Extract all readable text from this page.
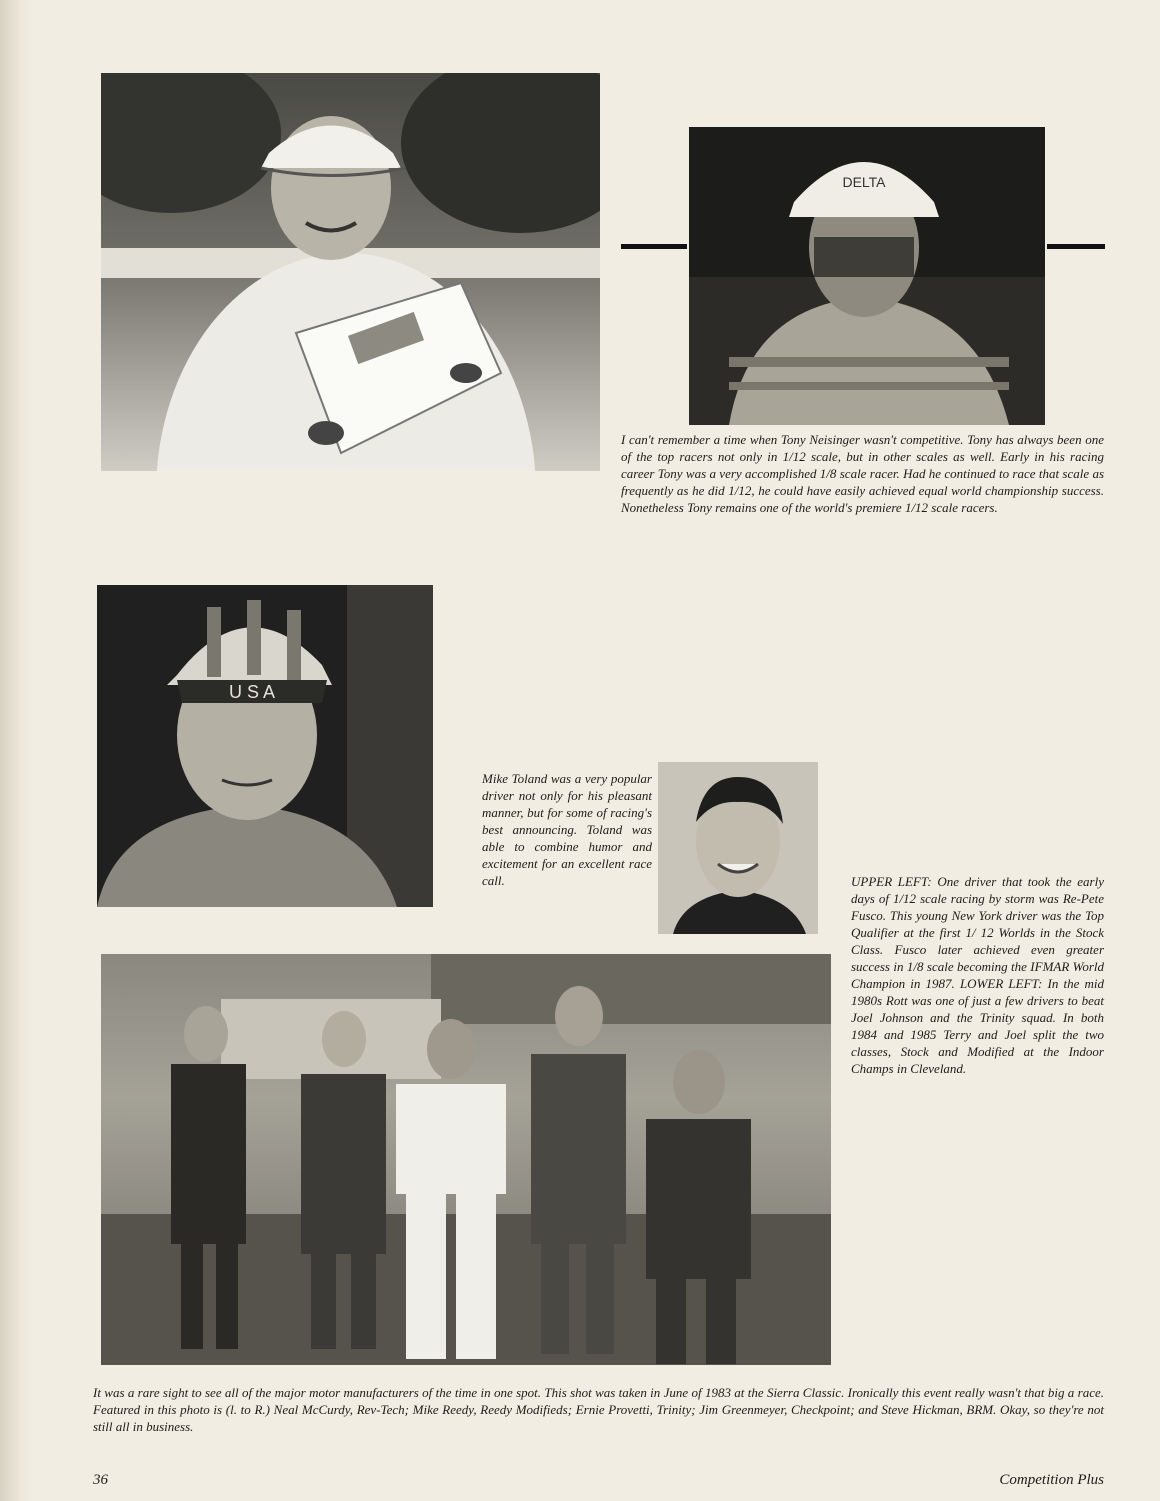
DELTA

I can't remember a time when Tony Neisinger wasn't competitive. Tony has always been one of the top racers not only in 1/12 scale, but in other scales as well. Early in his racing career Tony was a very accomplished 1/8 scale racer. Had he continued to race that scale as frequently as he did 1/12, he could have easily achieved equal world championship success. Nonetheless Tony remains one of the world's premiere 1/12 scale racers.

U S A

Mike Toland was a very popular driver not only for his pleasant manner, but for some of racing's best announcing. Toland was able to combine humor and excitement for an excellent race call.	UPPER LEFT: One driver that took the early days of 1/12 scale racing by storm was Re-Pete Fusco. This young New York driver was the Top Qualifier at the first 1/ 12 Worlds in the Stock Class. Fusco later achieved even greater success in 1/8 scale becoming the IFMAR World Champion in 1987. LOWER LEFT: In the mid 1980s Rott was one of just a few drivers to beat Joel Johnson and the Trinity squad. In both 1984 and 1985 Terry and Joel split the two classes, Stock and Modified at the Indoor Champs in Cleveland.

It was a rare sight to see all of the major motor manufacturers of the time in one spot. This shot was taken in June of 1983 at the Sierra Classic. Ironically this event really wasn't that big a race. Featured in this photo is (l. to R.) Neal McCurdy, Rev-Tech; Mike Reedy, Reedy Modifieds; Ernie Provetti, Trinity; Jim Greenmeyer, Checkpoint; and Steve Hickman, BRM. Okay, so they're not still all in business.

36	Competition Plus
